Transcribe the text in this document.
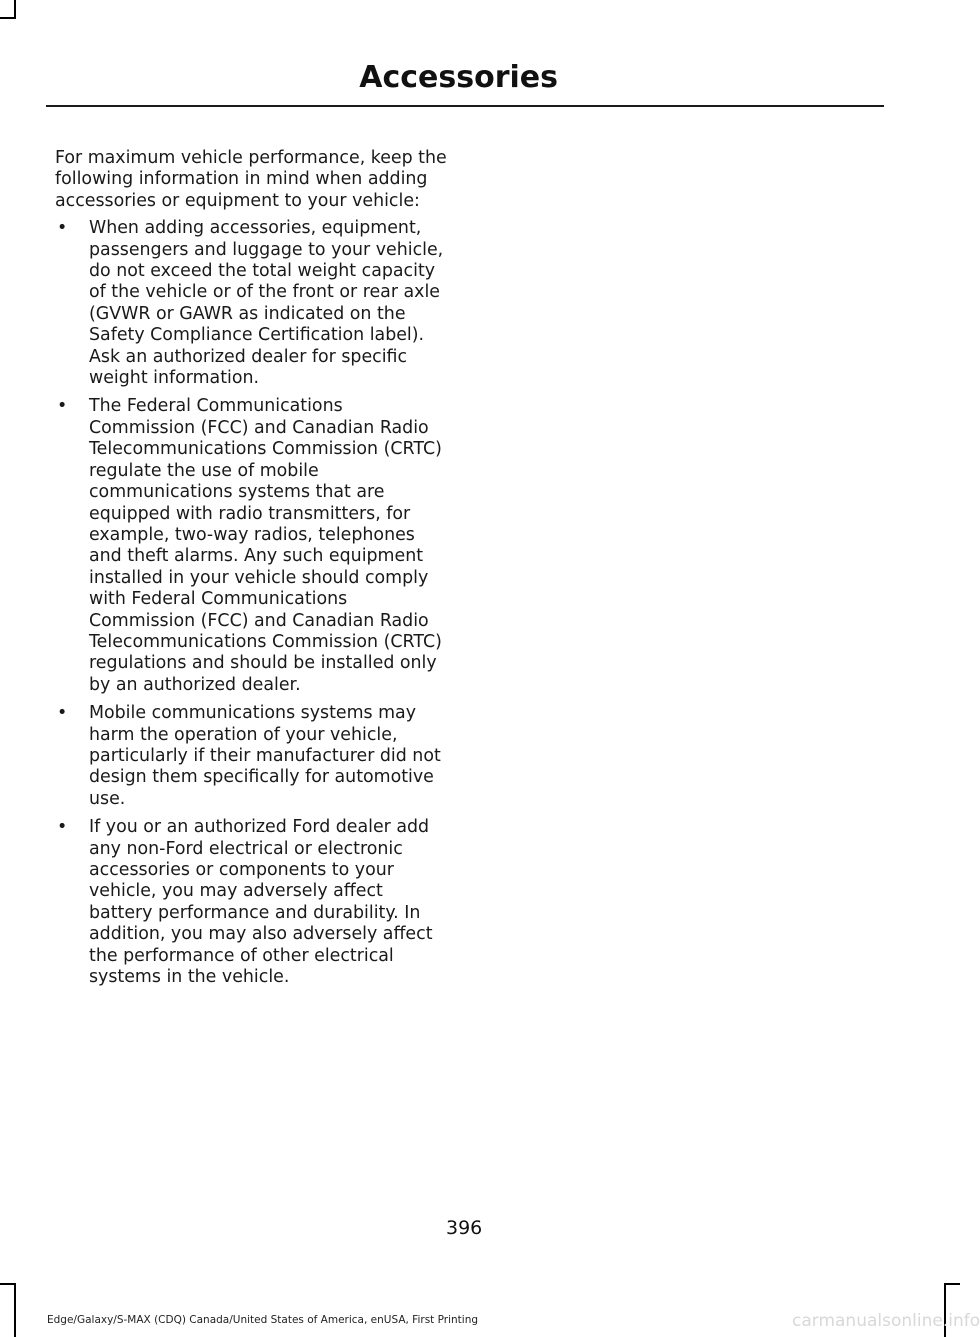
Accessories

For maximum vehicle performance, keep the following information in mind when adding accessories or equipment to your vehicle:

• When adding accessories, equipment, passengers and luggage to your vehicle, do not exceed the total weight capacity of the vehicle or of the front or rear axle (GVWR or GAWR as indicated on the Safety Compliance Certification label). Ask an authorized dealer for specific weight information.
• The Federal Communications Commission (FCC) and Canadian Radio Telecommunications Commission (CRTC) regulate the use of mobile communications systems that are equipped with radio transmitters, for example, two-way radios, telephones and theft alarms. Any such equipment installed in your vehicle should comply with Federal Communications Commission (FCC) and Canadian Radio Telecommunications Commission (CRTC) regulations and should be installed only by an authorized dealer.
• Mobile communications systems may harm the operation of your vehicle, particularly if their manufacturer did not design them specifically for automotive use.
• If you or an authorized Ford dealer add any non-Ford electrical or electronic accessories or components to your vehicle, you may adversely affect battery performance and durability. In addition, you may also adversely affect the performance of other electrical systems in the vehicle.
396
Edge/Galaxy/S-MAX (CDQ) Canada/United States of America, enUSA, First Printing	carmanualsonline.info
